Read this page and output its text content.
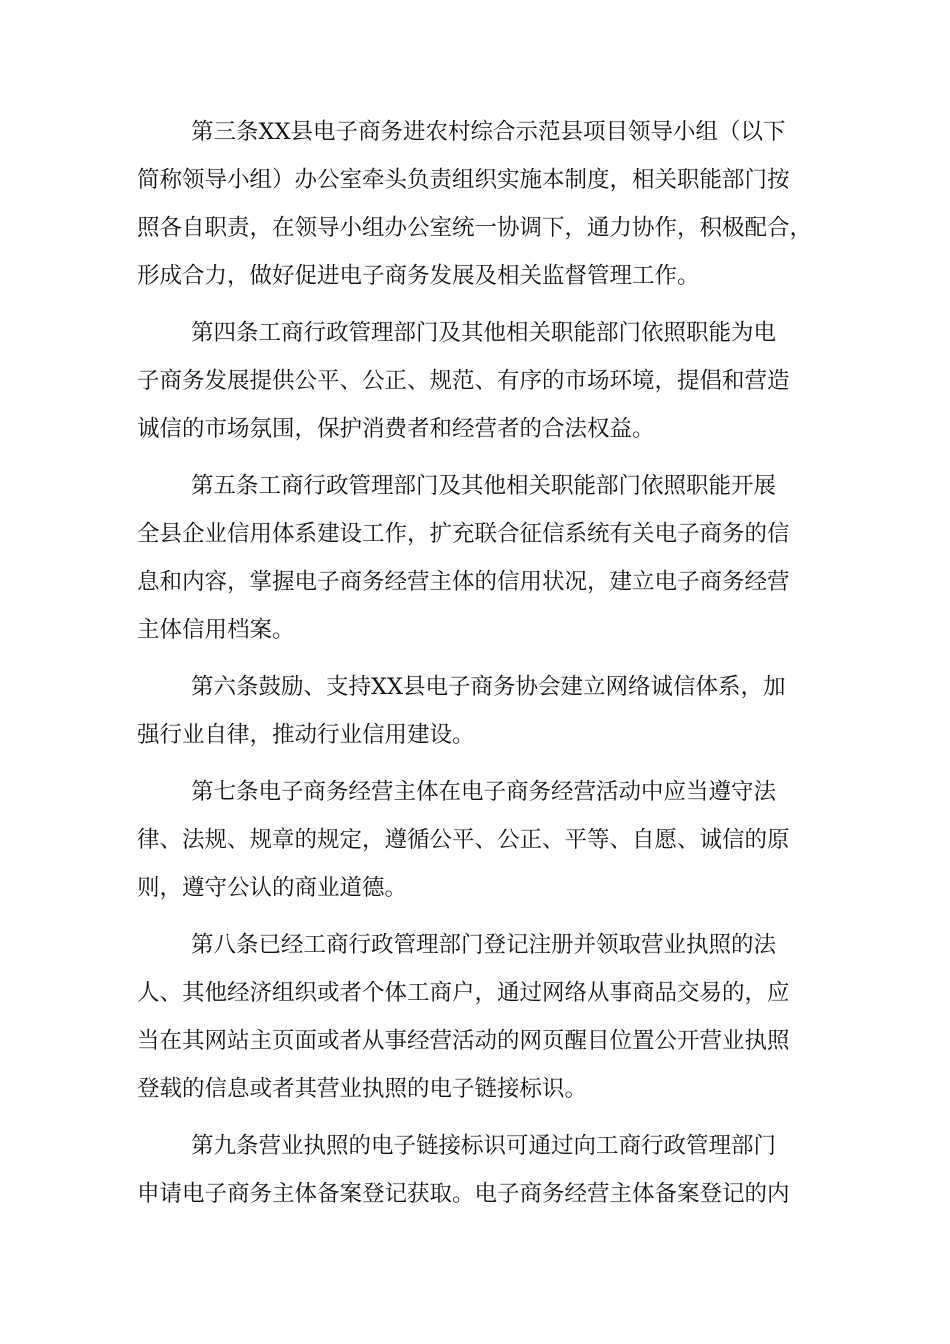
第三条XX县电子商务进农村综合示范县项目领导小组（以下
简称领导小组）办公室牵头负责组织实施本制度，相关职能部门按
照各自职责，在领导小组办公室统一协调下，通力协作，积极配合，
形成合力，做好促进电子商务发展及相关监督管理工作。
第四条工商行政管理部门及其他相关职能部门依照职能为电
子商务发展提供公平、公正、规范、有序的市场环境，提倡和营造
诚信的市场氛围，保护消费者和经营者的合法权益。
第五条工商行政管理部门及其他相关职能部门依照职能开展
全县企业信用体系建设工作，扩充联合征信系统有关电子商务的信
息和内容，掌握电子商务经营主体的信用状况，建立电子商务经营
主体信用档案。
第六条鼓励、支持XX县电子商务协会建立网络诚信体系，加
强行业自律，推动行业信用建设。
第七条电子商务经营主体在电子商务经营活动中应当遵守法
律、法规、规章的规定，遵循公平、公正、平等、自愿、诚信的原
则，遵守公认的商业道德。
第八条已经工商行政管理部门登记注册并领取营业执照的法
人、其他经济组织或者个体工商户，通过网络从事商品交易的，应
当在其网站主页面或者从事经营活动的网页醒目位置公开营业执照
登载的信息或者其营业执照的电子链接标识。
第九条营业执照的电子链接标识可通过向工商行政管理部门
申请电子商务主体备案登记获取。电子商务经营主体备案登记的内
